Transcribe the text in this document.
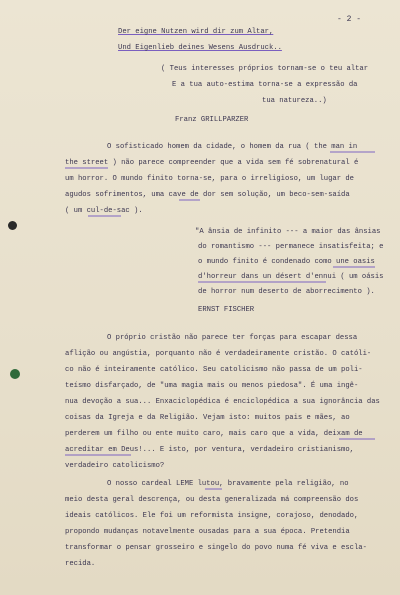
- 2 -
Der eigne Nutzen wird dir zum Altar,
Und Eigenlieb deines Wesens Ausdruck..
( Teus interesses próprios tornam-se o teu altar
E a tua auto-estima torna-se a expressão da
tua natureza..)
Franz GRILLPARZER
O sofisticado homem da cidade, o homem da rua ( the man in
the street ) não parece compreender que a vida sem fé sobrenatural é
um horror. O mundo finito torna-se, para o irreligioso, um lugar de
agudos sofrimentos, uma cave de dor sem solução, um beco-sem-saída
( um cul-de-sac ).
"A ânsia de infinito --- a maior das ânsias
do romantismo --- permanece insatisfeita; e
o mundo finito é condenado como une oasis
d'horreur dans un désert d'ennui ( um oásis
de horror num deserto de aborrecimento ).
ERNST FISCHER
O próprio cristão não parece ter forças para escapar dessa
aflição ou angústia, porquanto não é verdadeiramente cristão. O católi-
co não é inteiramente católico. Seu catolicismo não passa de um poli-
teísmo disfarçado, de "uma magia mais ou menos piedosa". É uma ingê-
nua devoção a sua... Enxaciclopédica é enciclopédica a sua ignorância das
coisas da Igreja e da Religião. Vejam isto: muitos pais e mães, ao
perderem um filho ou ente muito caro, mais caro que a vida, deixam de
acreditar em Deus!... E isto, por ventura, verdadeiro cristianismo,
verdadeiro catolicismo?
O nosso cardeal LEME lutou, bravamente pela religião, no
meio desta geral descrença, ou desta generalizada má compreensão dos
ideais católicos. Ele foi um reformista insigne, corajoso, denodado,
propondo mudanças notavelmente ousadas para a sua época. Pretendia
transformar o pensar grosseiro e singelo do povo numa fé viva e escla-
recida.
